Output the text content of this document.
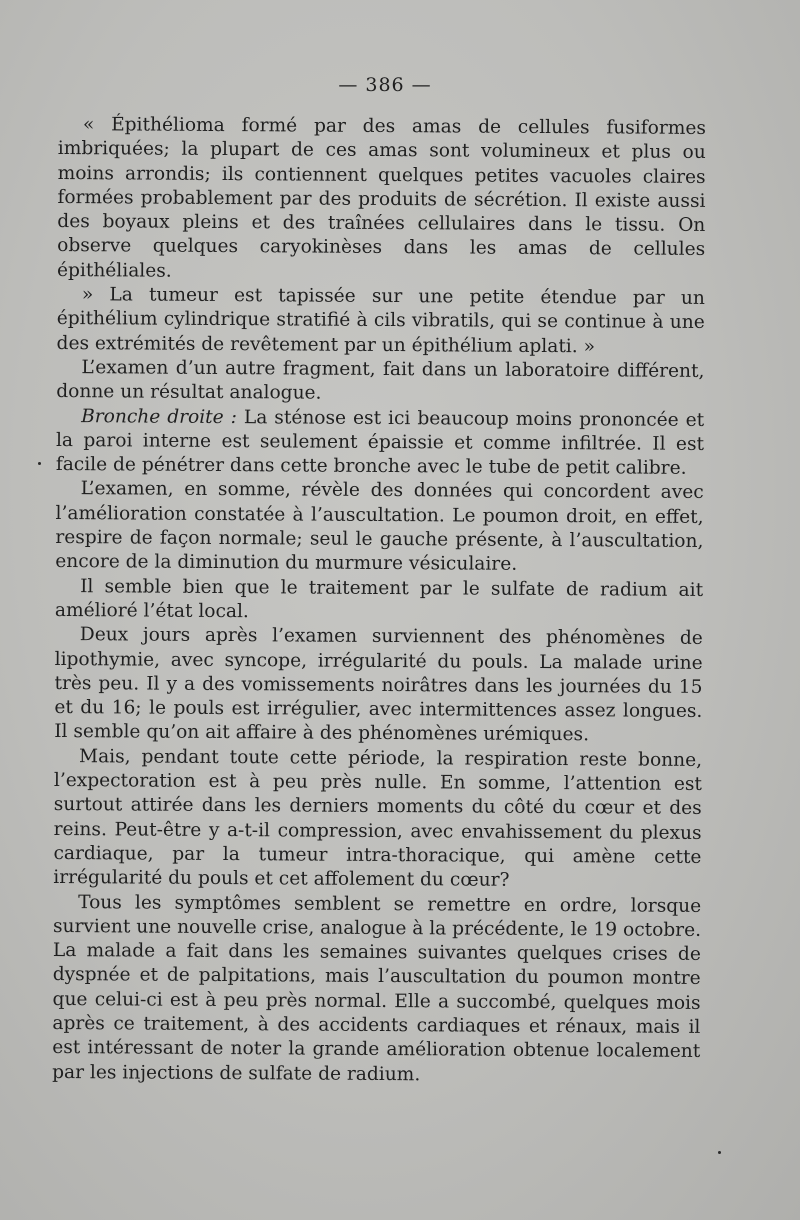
— 386 —

« Épithélioma formé par des amas de cellules fusiformes imbriquées; la plupart de ces amas sont volumineux et plus ou moins arrondis; ils contiennent quelques petites vacuoles claires formées probablement par des produits de sécrétion. Il existe aussi des boyaux pleins et des traînées cellulaires dans le tissu. On observe quelques caryokinèses dans les amas de cellules épithéliales.

» La tumeur est tapissée sur une petite étendue par un épithélium cylindrique stratifié à cils vibratils, qui se continue à une des extrémités de revêtement par un épithélium aplati. »

L’examen d’un autre fragment, fait dans un laboratoire différent, donne un résultat analogue.

Bronche droite : La sténose est ici beaucoup moins prononcée et la paroi interne est seulement épaissie et comme infiltrée. Il est facile de pénétrer dans cette bronche avec le tube de petit calibre.

L’examen, en somme, révèle des données qui concordent avec l’amélioration constatée à l’auscultation. Le poumon droit, en effet, respire de façon normale; seul le gauche présente, à l’auscultation, encore de la diminution du murmure vésiculaire.

Il semble bien que le traitement par le sulfate de radium ait amélioré l’état local.

Deux jours après l’examen surviennent des phénomènes de lipothymie, avec syncope, irrégularité du pouls. La malade urine très peu. Il y a des vomissements noirâtres dans les journées du 15 et du 16; le pouls est irrégulier, avec intermittences assez longues. Il semble qu’on ait affaire à des phénomènes urémiques.

Mais, pendant toute cette période, la respiration reste bonne, l’expectoration est à peu près nulle. En somme, l’attention est surtout attirée dans les derniers moments du côté du cœur et des reins. Peut-être y a-t-il compression, avec envahissement du plexus cardiaque, par la tumeur intra-thoracique, qui amène cette irrégularité du pouls et cet affolement du cœur?

Tous les symptômes semblent se remettre en ordre, lorsque survient une nouvelle crise, analogue à la précédente, le 19 octobre. La malade a fait dans les semaines suivantes quelques crises de dyspnée et de palpitations, mais l’auscultation du poumon montre que celui-ci est à peu près normal. Elle a succombé, quelques mois après ce traitement, à des accidents cardiaques et rénaux, mais il est intéressant de noter la grande amélioration obtenue localement par les injections de sulfate de radium.
